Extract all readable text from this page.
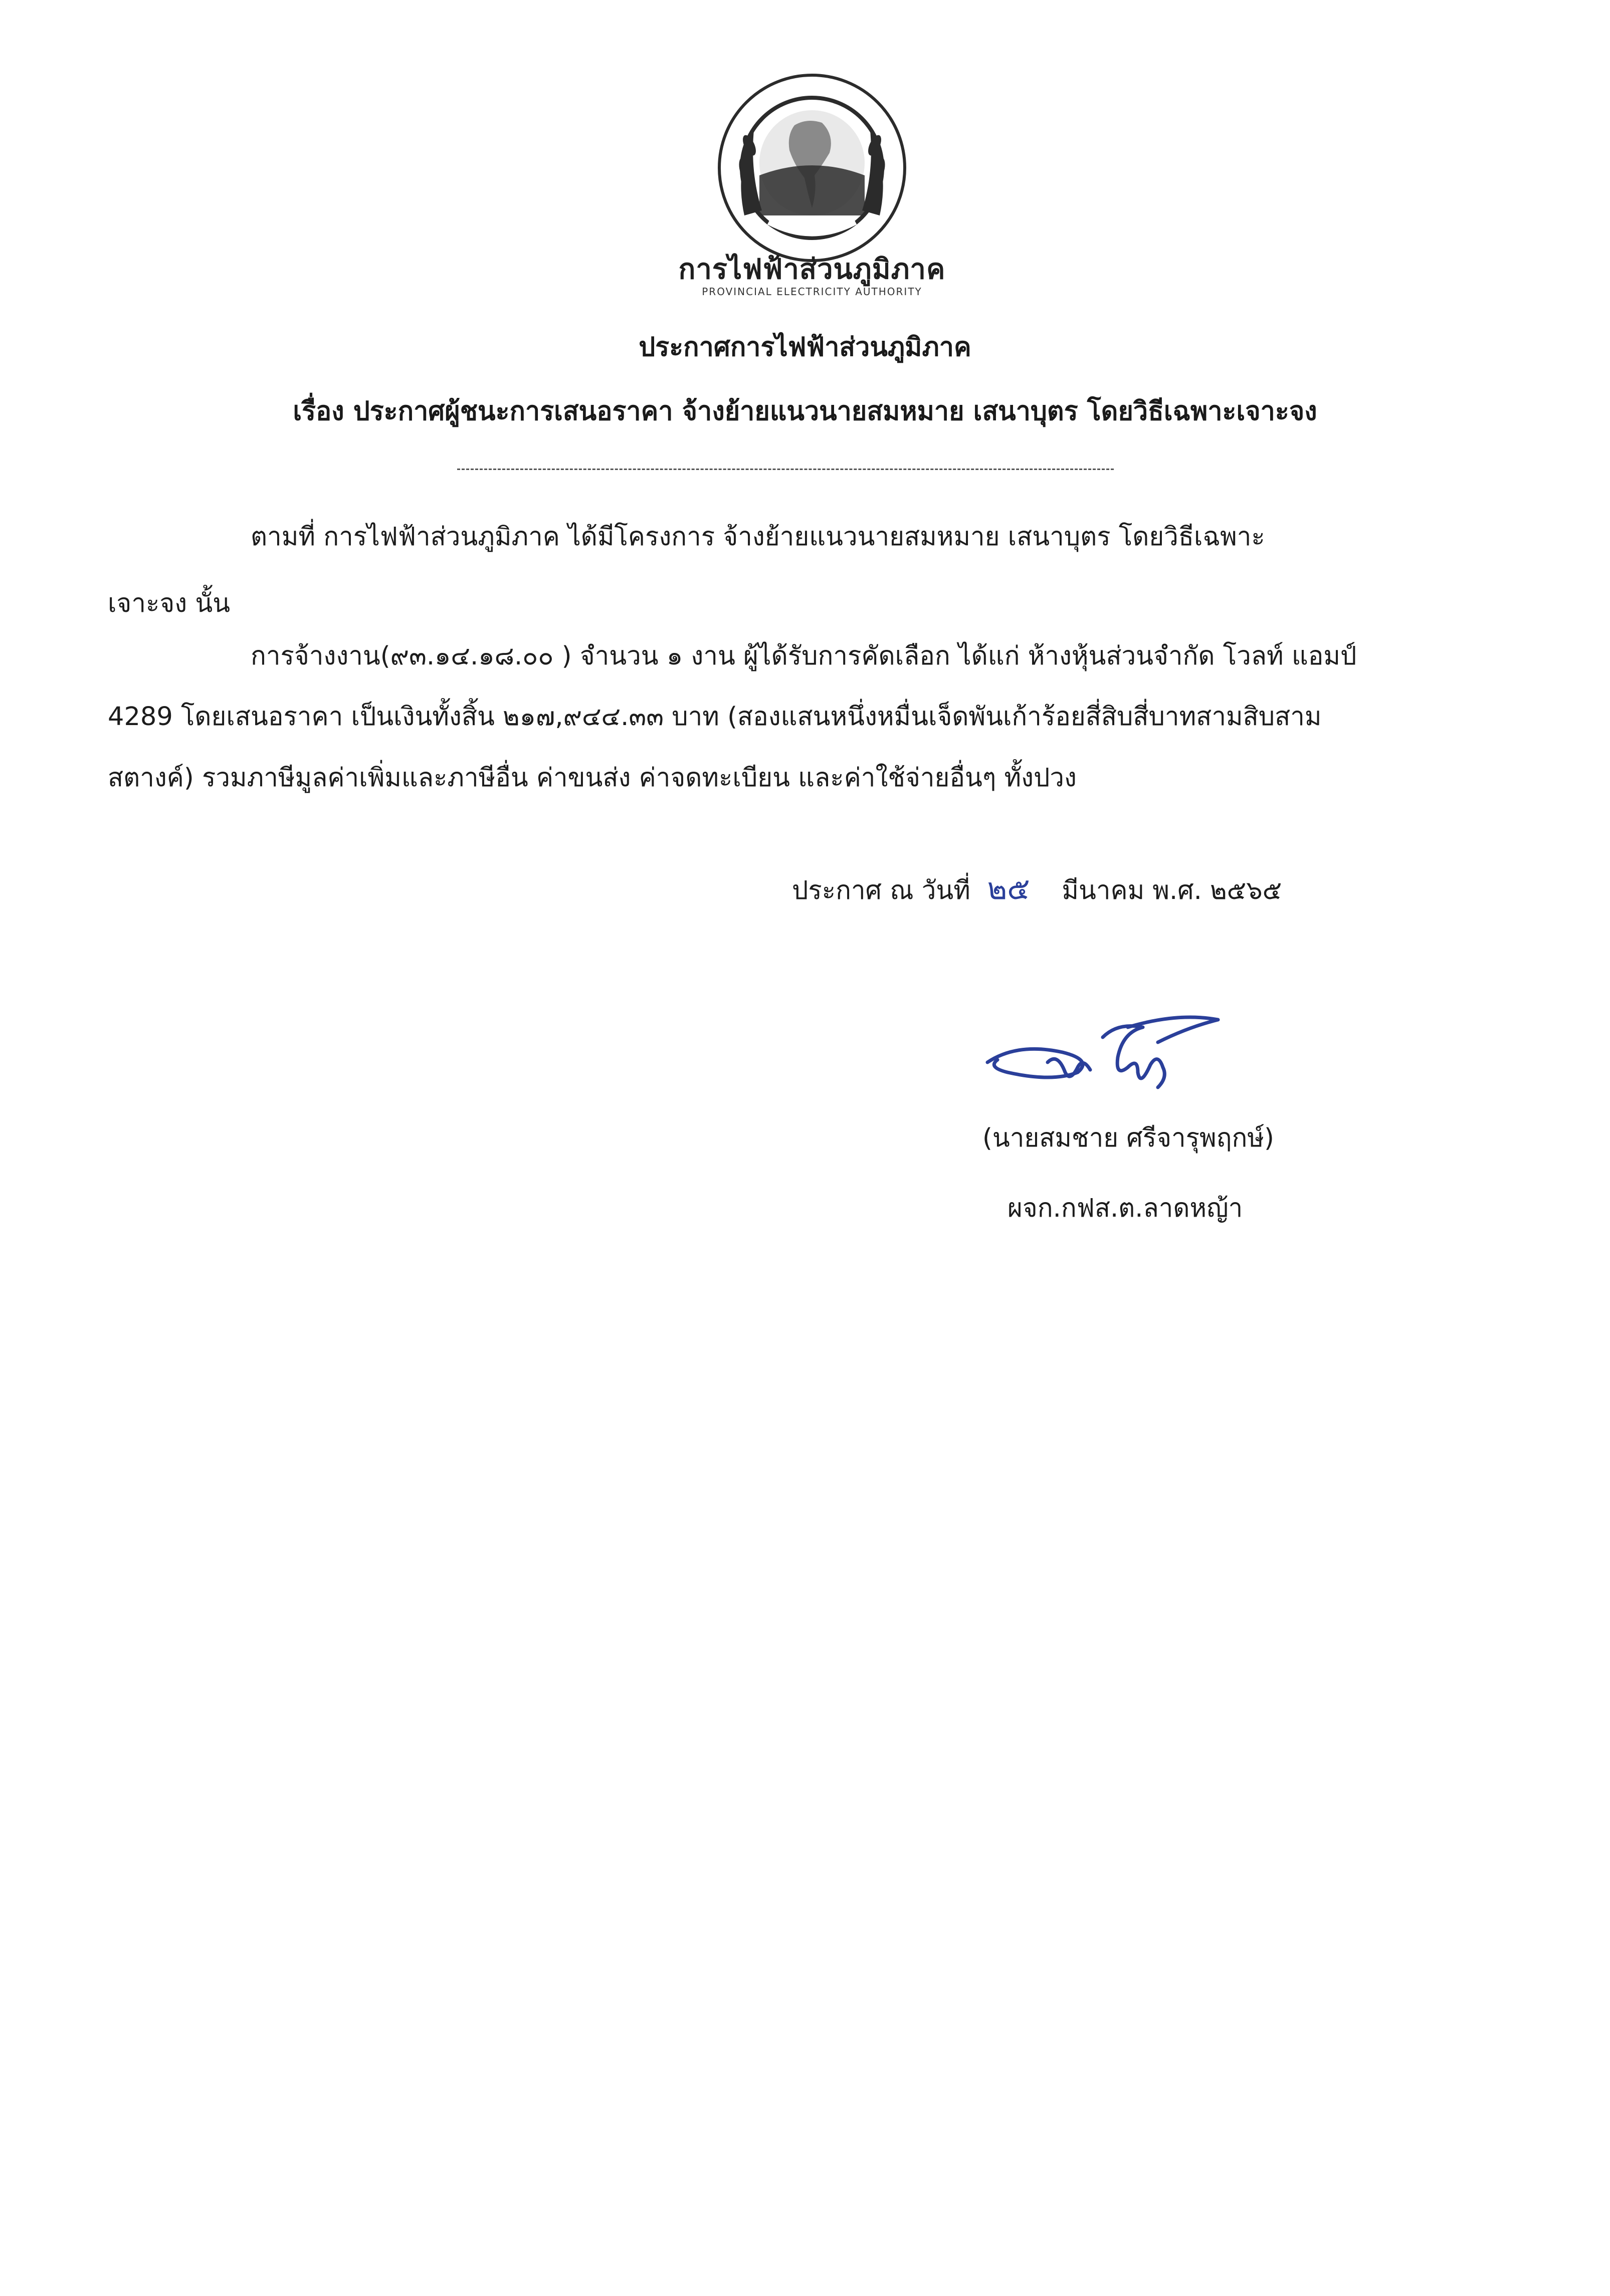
การไฟฟ้าส่วนภูมิภาค
PROVINCIAL ELECTRICITY AUTHORITY
ประกาศการไฟฟ้าส่วนภูมิภาค
เรื่อง ประกาศผู้ชนะการเสนอราคา จ้างย้ายแนวนายสมหมาย เสนาบุตร โดยวิธีเฉพาะเจาะจง
ตามที่ การไฟฟ้าส่วนภูมิภาค ได้มีโครงการ จ้างย้ายแนวนายสมหมาย เสนาบุตร โดยวิธีเฉพาะ
เจาะจง นั้น
การจ้างงาน(๙๓.๑๔.๑๘.๐๐ ) จำนวน ๑ งาน ผู้ได้รับการคัดเลือก ได้แก่ ห้างหุ้นส่วนจำกัด โวลท์ แอมป์
4289 โดยเสนอราคา เป็นเงินทั้งสิ้น ๒๑๗,๙๔๔.๓๓ บาท (สองแสนหนึ่งหมื่นเจ็ดพันเก้าร้อยสี่สิบสี่บาทสามสิบสาม
สตางค์) รวมภาษีมูลค่าเพิ่มและภาษีอื่น ค่าขนส่ง ค่าจดทะเบียน และค่าใช้จ่ายอื่นๆ ทั้งปวง
ประกาศ ณ วันที่ ๒๕ มีนาคม พ.ศ. ๒๕๖๕
(นายสมชาย ศรีจารุพฤกษ์)
ผจก.กฟส.ต.ลาดหญ้า
